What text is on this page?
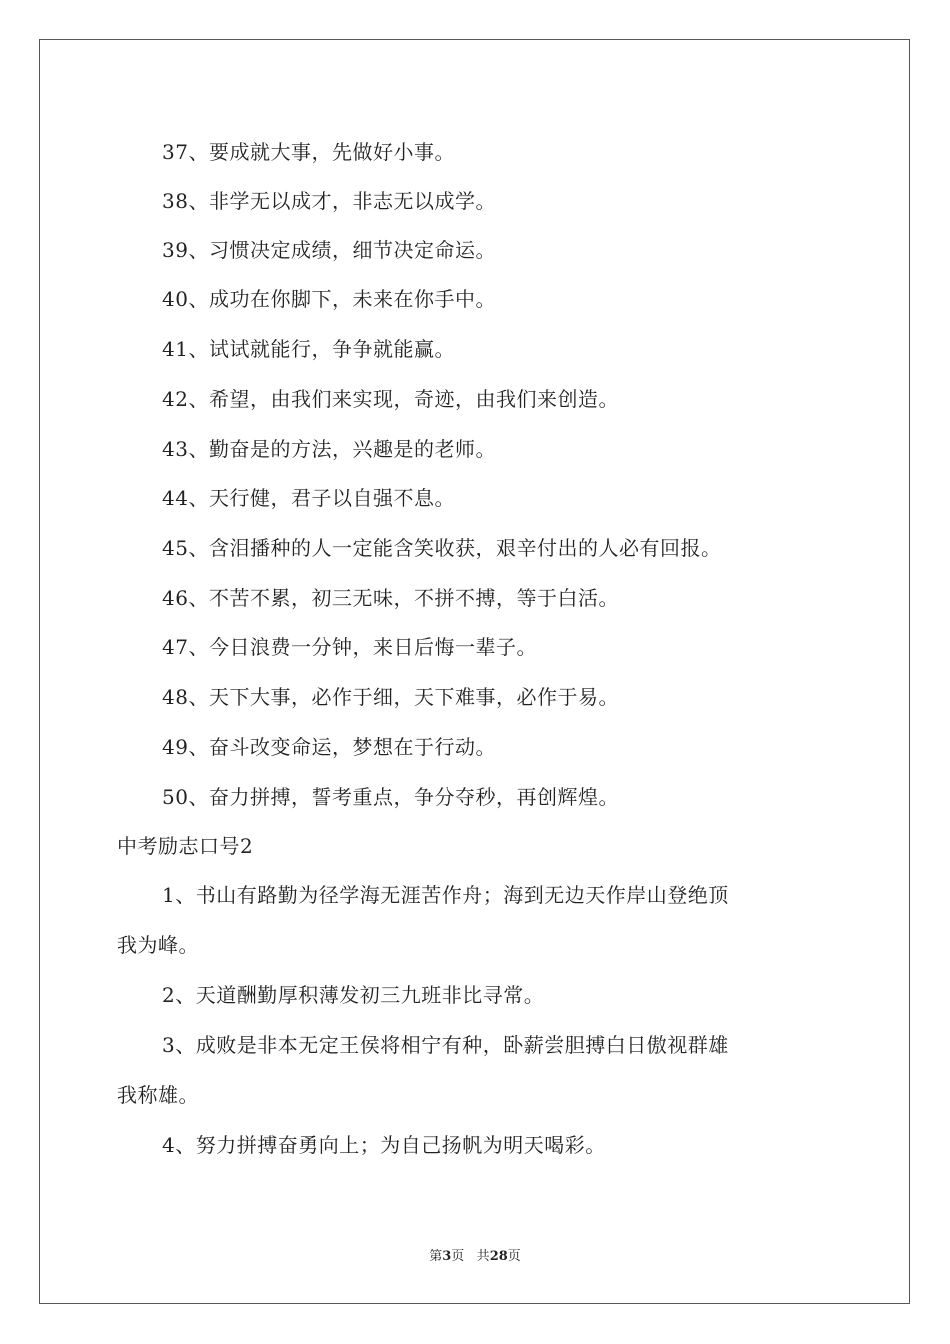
37、要成就大事，先做好小事。
38、非学无以成才，非志无以成学。
39、习惯决定成绩，细节决定命运。
40、成功在你脚下，未来在你手中。
41、试试就能行，争争就能赢。
42、希望，由我们来实现，奇迹，由我们来创造。
43、勤奋是的方法，兴趣是的老师。
44、天行健，君子以自强不息。
45、含泪播种的人一定能含笑收获，艰辛付出的人必有回报。
46、不苦不累，初三无味，不拼不搏，等于白活。
47、今日浪费一分钟，来日后悔一辈子。
48、天下大事，必作于细，天下难事，必作于易。
49、奋斗改变命运，梦想在于行动。
50、奋力拼搏，誓考重点，争分夺秒，再创辉煌。
中考励志口号2
1、书山有路勤为径学海无涯苦作舟；海到无边天作岸山登绝顶
我为峰。
2、天道酬勤厚积薄发初三九班非比寻常。
3、成败是非本无定王侯将相宁有种，卧薪尝胆搏白日傲视群雄
我称雄。
4、努力拼搏奋勇向上；为自己扬帆为明天喝彩。
第3页 共28页
